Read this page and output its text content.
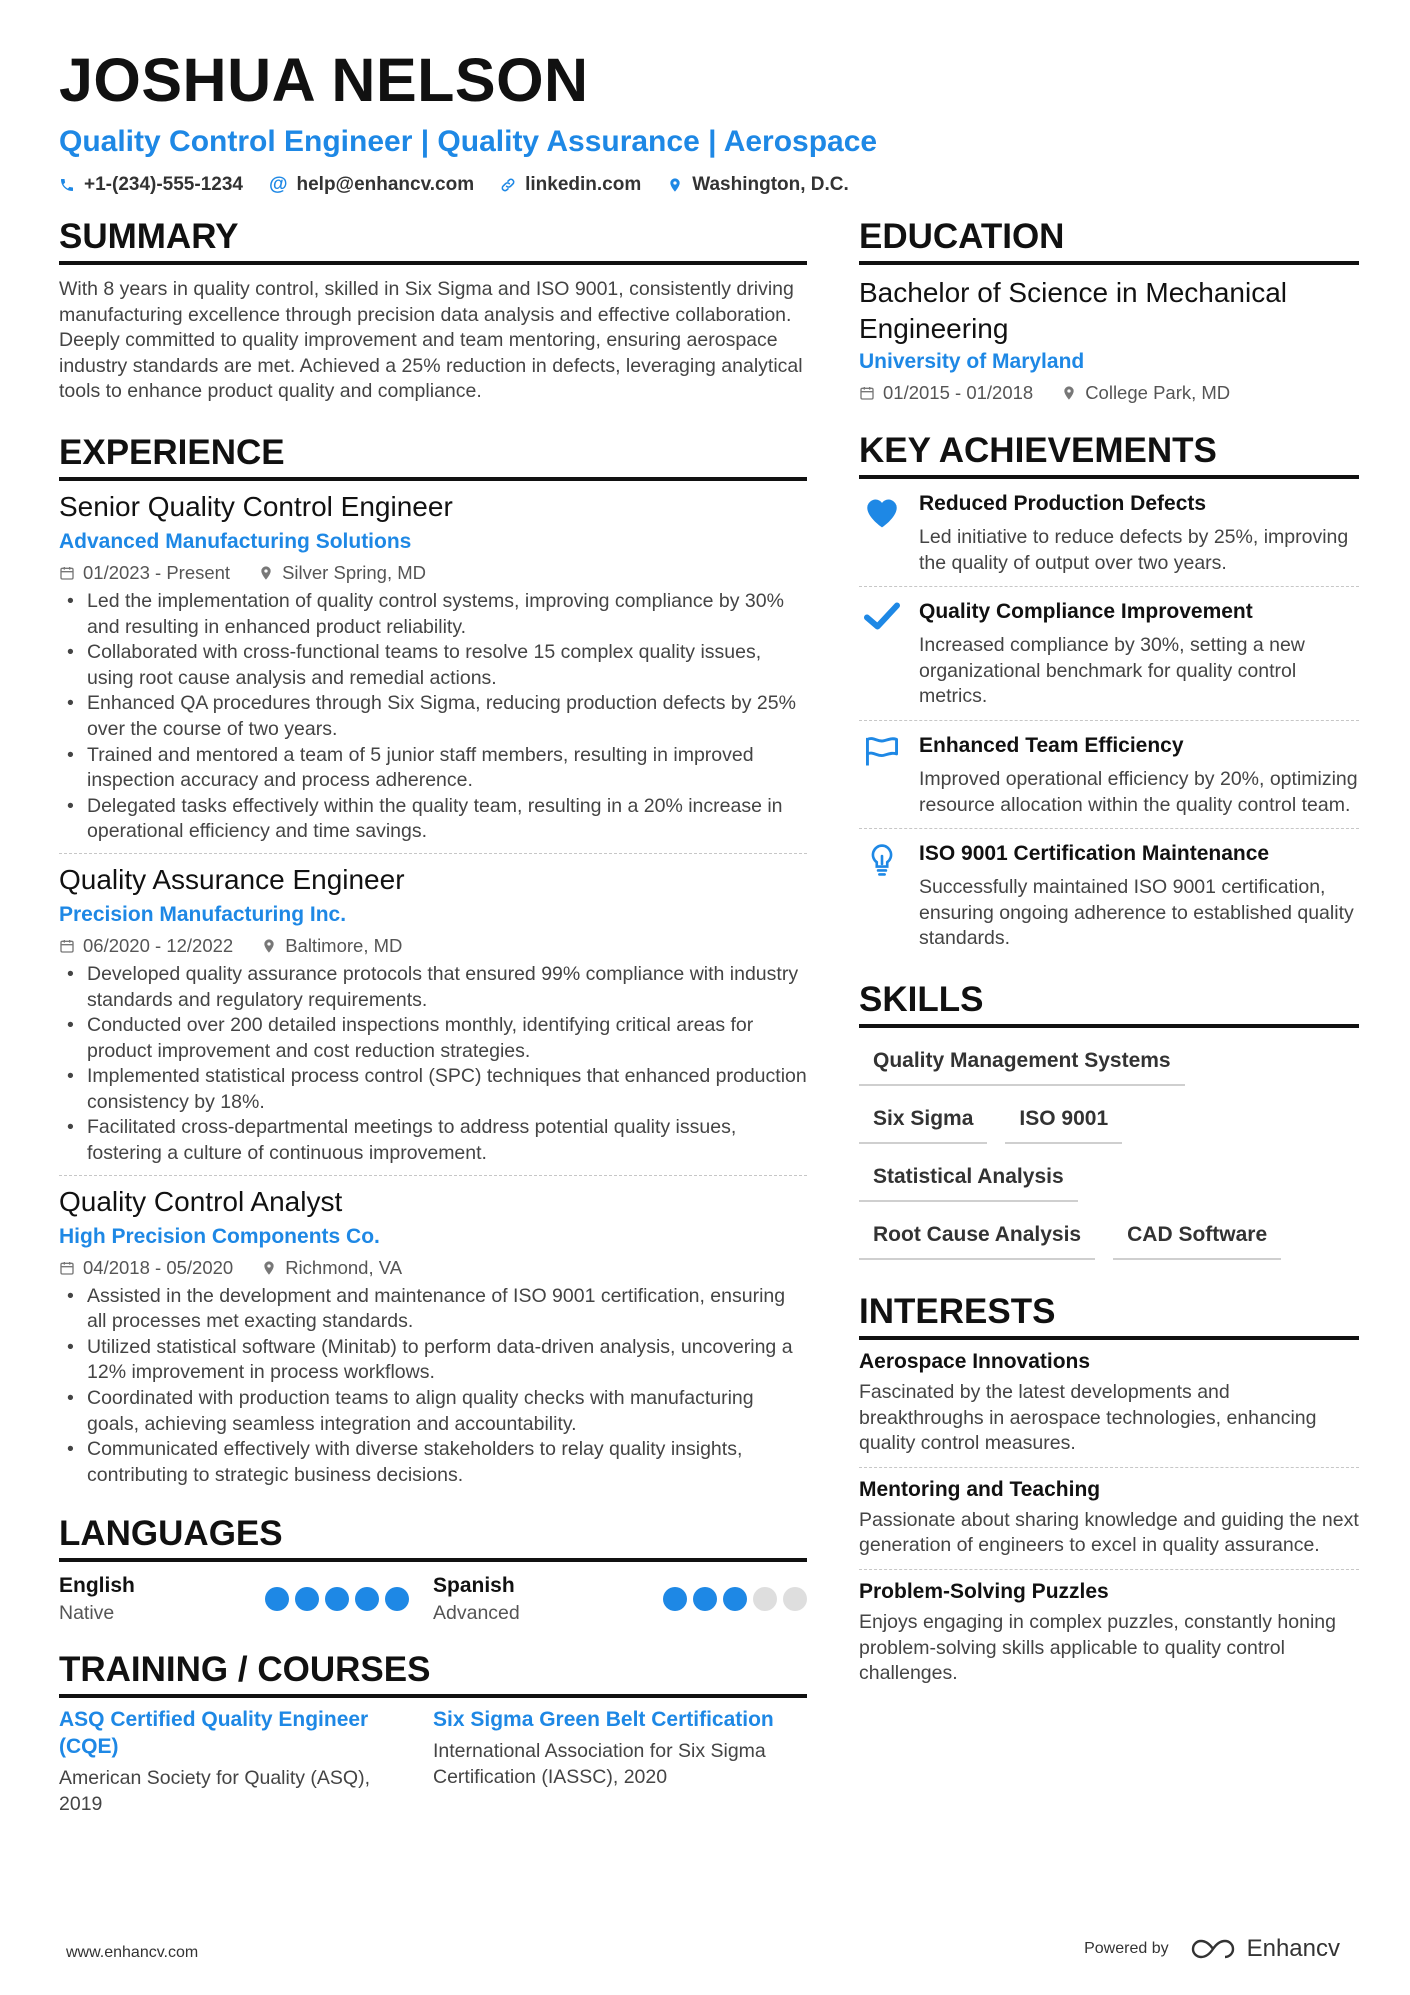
JOSHUA NELSON
Quality Control Engineer | Quality Assurance | Aerospace
+1-(234)-555-1234 @ help@enhancv.com	linkedin.com	Washington, D.C.
SUMMARY
With 8 years in quality control, skilled in Six Sigma and ISO 9001, consistently driving manufacturing excellence through precision data analysis and effective collaboration. Deeply committed to quality improvement and team mentoring, ensuring aerospace industry standards are met. Achieved a 25% reduction in defects, leveraging analytical tools to enhance product quality and compliance.
EXPERIENCE
Senior Quality Control Engineer
Advanced Manufacturing Solutions
01/2023 - Present	Silver Spring, MD
• Led the implementation of quality control systems, improving compliance by 30% and resulting in enhanced product reliability.
• Collaborated with cross-functional teams to resolve 15 complex quality issues, using root cause analysis and remedial actions.
• Enhanced QA procedures through Six Sigma, reducing production defects by 25% over the course of two years.
• Trained and mentored a team of 5 junior staff members, resulting in improved inspection accuracy and process adherence.
• Delegated tasks effectively within the quality team, resulting in a 20% increase in operational efficiency and time savings.
Quality Assurance Engineer
Precision Manufacturing Inc.
06/2020 - 12/2022	Baltimore, MD
• Developed quality assurance protocols that ensured 99% compliance with industry standards and regulatory requirements.
• Conducted over 200 detailed inspections monthly, identifying critical areas for product improvement and cost reduction strategies.
• Implemented statistical process control (SPC) techniques that enhanced production consistency by 18%.
• Facilitated cross-departmental meetings to address potential quality issues, fostering a culture of continuous improvement.
Quality Control Analyst
High Precision Components Co.
04/2018 - 05/2020	Richmond, VA
• Assisted in the development and maintenance of ISO 9001 certification, ensuring all processes met exacting standards.
• Utilized statistical software (Minitab) to perform data-driven analysis, uncovering a 12% improvement in process workflows.
• Coordinated with production teams to align quality checks with manufacturing goals, achieving seamless integration and accountability.
• Communicated effectively with diverse stakeholders to relay quality insights, contributing to strategic business decisions.
LANGUAGES
English
Native
Spanish
Advanced
TRAINING / COURSES
ASQ Certified Quality Engineer (CQE)
American Society for Quality (ASQ), 2019
Six Sigma Green Belt Certification
International Association for Six Sigma Certification (IASSC), 2020
EDUCATION
Bachelor of Science in Mechanical Engineering
University of Maryland
01/2015 - 01/2018	College Park, MD
KEY ACHIEVEMENTS
Reduced Production Defects
Led initiative to reduce defects by 25%, improving the quality of output over two years.
Quality Compliance Improvement
Increased compliance by 30%, setting a new organizational benchmark for quality control metrics.
Enhanced Team Efficiency
Improved operational efficiency by 20%, optimizing resource allocation within the quality control team.
ISO 9001 Certification Maintenance
Successfully maintained ISO 9001 certification, ensuring ongoing adherence to established quality standards.
SKILLS
Quality Management Systems
Six Sigma	ISO 9001
Statistical Analysis
Root Cause Analysis	CAD Software
INTERESTS
Aerospace Innovations
Fascinated by the latest developments and breakthroughs in aerospace technologies, enhancing quality control measures.
Mentoring and Teaching
Passionate about sharing knowledge and guiding the next generation of engineers to excel in quality assurance.
Problem-Solving Puzzles
Enjoys engaging in complex puzzles, constantly honing problem-solving skills applicable to quality control challenges.
www.enhancv.com	Powered by	Enhancv
